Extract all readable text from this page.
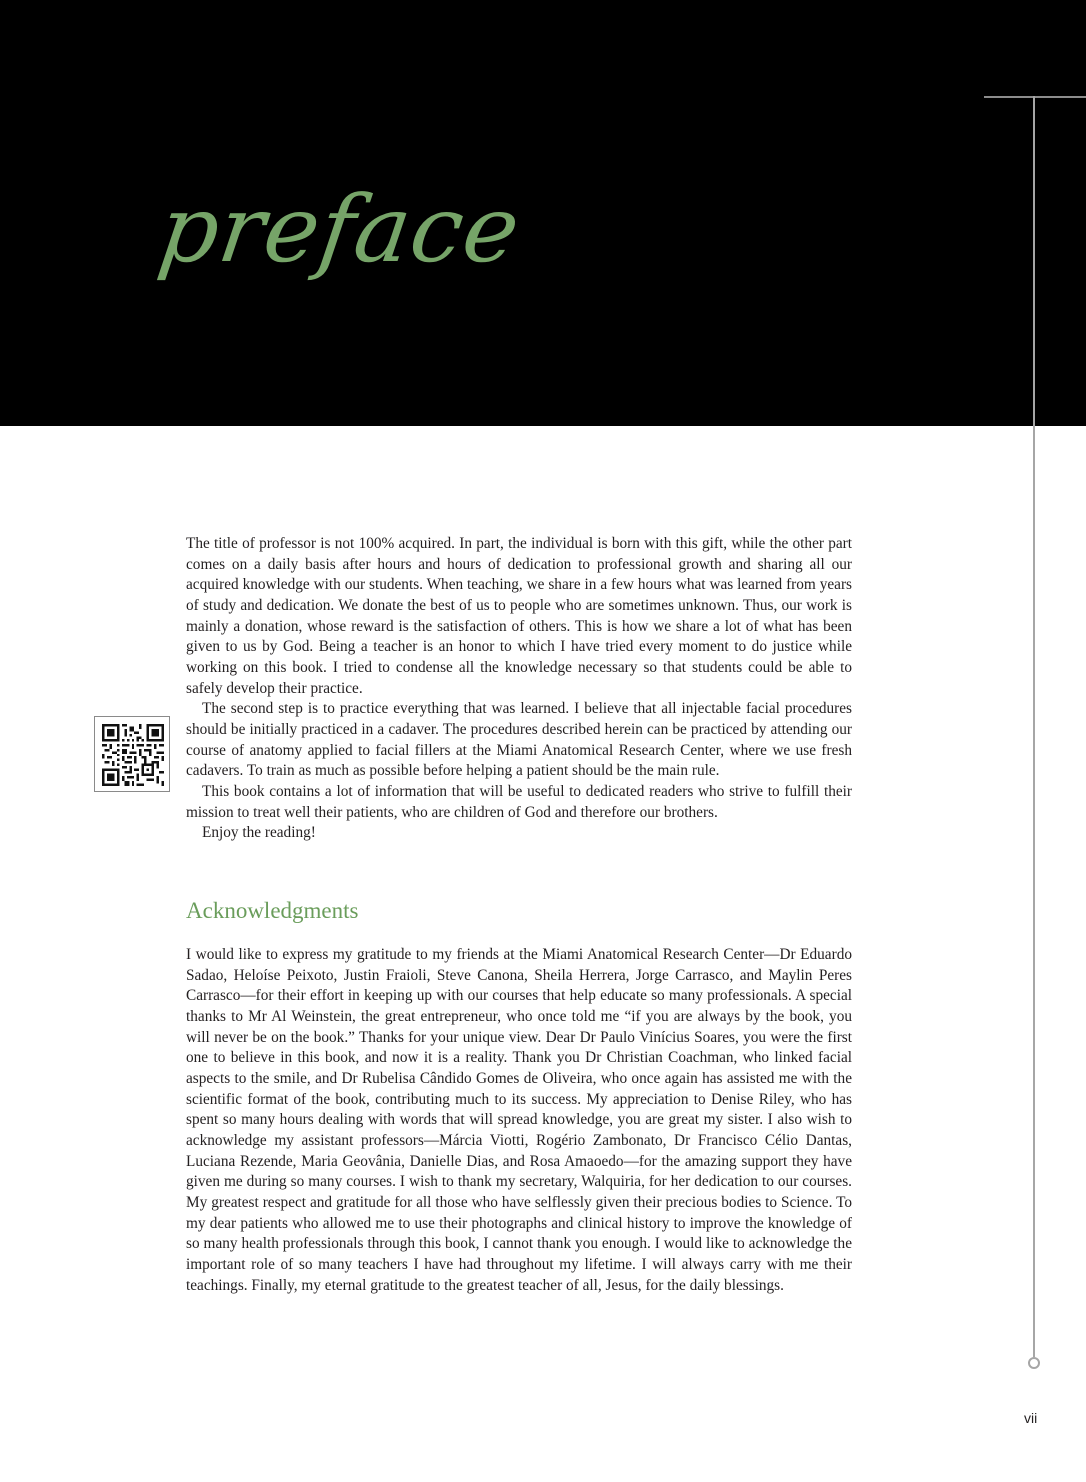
preface

The title of professor is not 100% acquired. In part, the individual is born with this gift, while the other part comes on a daily basis after hours and hours of dedication to professional growth and sharing all our acquired knowledge with our students. When teaching, we share in a few hours what was learned from years of study and dedication. We donate the best of us to people who are sometimes unknown. Thus, our work is mainly a donation, whose reward is the satisfaction of others. This is how we share a lot of what has been given to us by God. Being a teacher is an honor to which I have tried every moment to do justice while working on this book. I tried to condense all the knowledge necessary so that students could be able to safely develop their practice.

The second step is to practice everything that was learned. I believe that all injectable facial procedures should be initially practiced in a cadaver. The procedures described herein can be practiced by attending our course of anatomy applied to facial fillers at the Miami Anatomical Research Center, where we use fresh cadavers. To train as much as possible before helping a patient should be the main rule.

This book contains a lot of information that will be useful to dedicated readers who strive to fulfill their mission to treat well their patients, who are children of God and therefore our brothers.

Enjoy the reading!

Acknowledgments

I would like to express my gratitude to my friends at the Miami Anatomical Research Center—Dr Eduardo Sadao, Heloíse Peixoto, Justin Fraioli, Steve Canona, Sheila Herrera, Jorge Carrasco, and Maylin Peres Carrasco—for their effort in keeping up with our courses that help educate so many professionals. A special thanks to Mr Al Weinstein, the great entrepreneur, who once told me “if you are always by the book, you will never be on the book.” Thanks for your unique view. Dear Dr Paulo Vinícius Soares, you were the first one to believe in this book, and now it is a reality. Thank you Dr Christian Coachman, who linked facial aspects to the smile, and Dr Rubelisa Cândido Gomes de Oliveira, who once again has assisted me with the scientific format of the book, contributing much to its success. My appreciation to Denise Riley, who has spent so many hours dealing with words that will spread knowledge, you are great my sister. I also wish to acknowledge my assistant professors—Márcia Viotti, Rogério Zambonato, Dr Francisco Célio Dantas, Luciana Rezende, Maria Geovânia, Danielle Dias, and Rosa Amaoedo—for the amazing support they have given me during so many courses. I wish to thank my secretary, Walquiria, for her dedication to our courses. My greatest respect and gratitude for all those who have selflessly given their precious bodies to Science. To my dear patients who allowed me to use their photographs and clinical history to improve the knowledge of so many health professionals through this book, I cannot thank you enough. I would like to acknowledge the important role of so many teachers I have had throughout my lifetime. I will always carry with me their teachings. Finally, my eternal gratitude to the greatest teacher of all, Jesus, for the daily blessings.

vii
